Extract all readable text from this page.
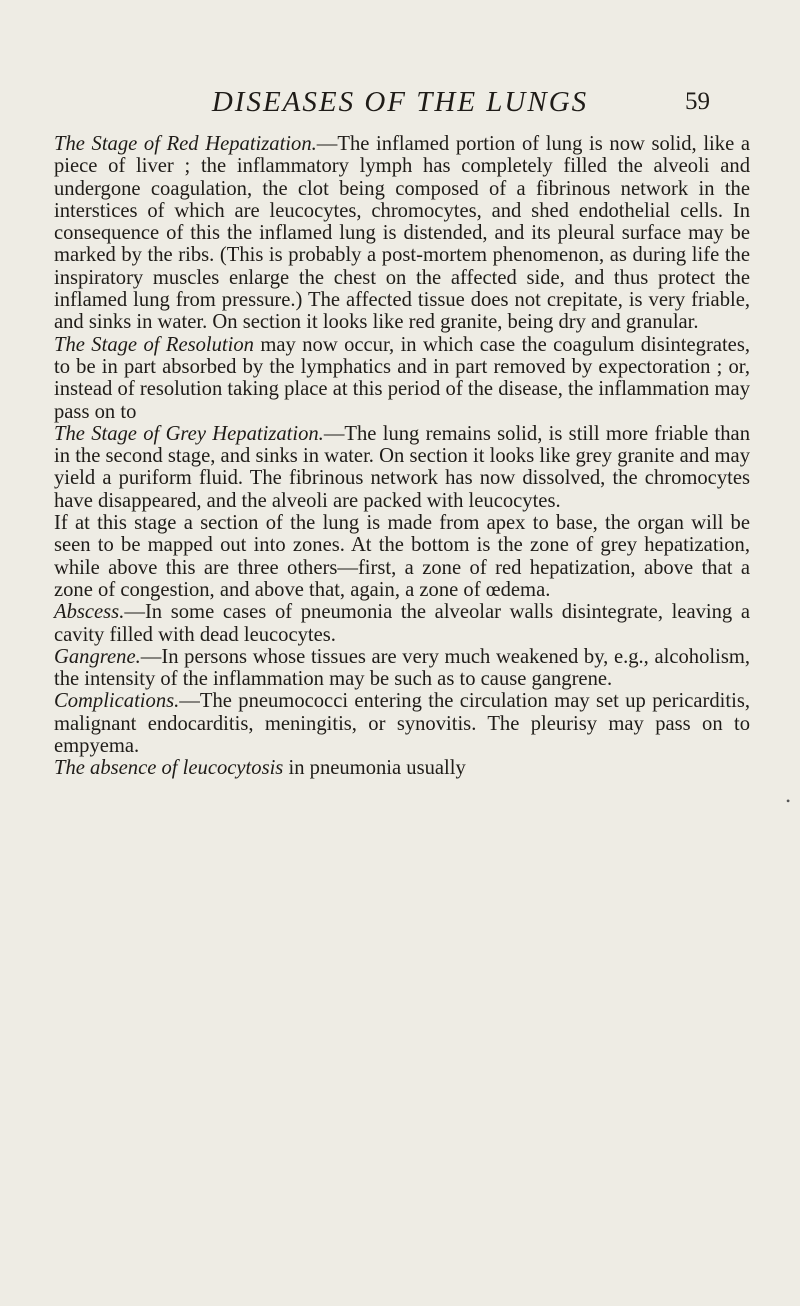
DISEASES OF THE LUNGS	59

The Stage of Red Hepatization.—The inflamed portion of lung is now solid, like a piece of liver ; the inflammatory lymph has completely filled the alveoli and undergone coagulation, the clot being composed of a fibrinous network in the interstices of which are leucocytes, chromocytes, and shed endothelial cells. In consequence of this the inflamed lung is distended, and its pleural surface may be marked by the ribs. (This is probably a post-mortem phenomenon, as during life the inspiratory muscles enlarge the chest on the affected side, and thus protect the inflamed lung from pressure.) The affected tissue does not crepitate, is very friable, and sinks in water. On section it looks like red granite, being dry and granular.

The Stage of Resolution may now occur, in which case the coagulum disintegrates, to be in part absorbed by the lymphatics and in part removed by expectoration ; or, instead of resolution taking place at this period of the disease, the inflammation may pass on to

The Stage of Grey Hepatization.—The lung remains solid, is still more friable than in the second stage, and sinks in water. On section it looks like grey granite and may yield a puriform fluid. The fibrinous network has now dissolved, the chromocytes have disappeared, and the alveoli are packed with leucocytes.

If at this stage a section of the lung is made from apex to base, the organ will be seen to be mapped out into zones. At the bottom is the zone of grey hepatization, while above this are three others—first, a zone of red hepatization, above that a zone of congestion, and above that, again, a zone of œdema.

Abscess.—In some cases of pneumonia the alveolar walls disintegrate, leaving a cavity filled with dead leucocytes.

Gangrene.—In persons whose tissues are very much weakened by, e.g., alcoholism, the intensity of the inflammation may be such as to cause gangrene.

Complications.—The pneumococci entering the circulation may set up pericarditis, malignant endocarditis, meningitis, or synovitis. The pleurisy may pass on to empyema.

The absence of leucocytosis in pneumonia usually

•
